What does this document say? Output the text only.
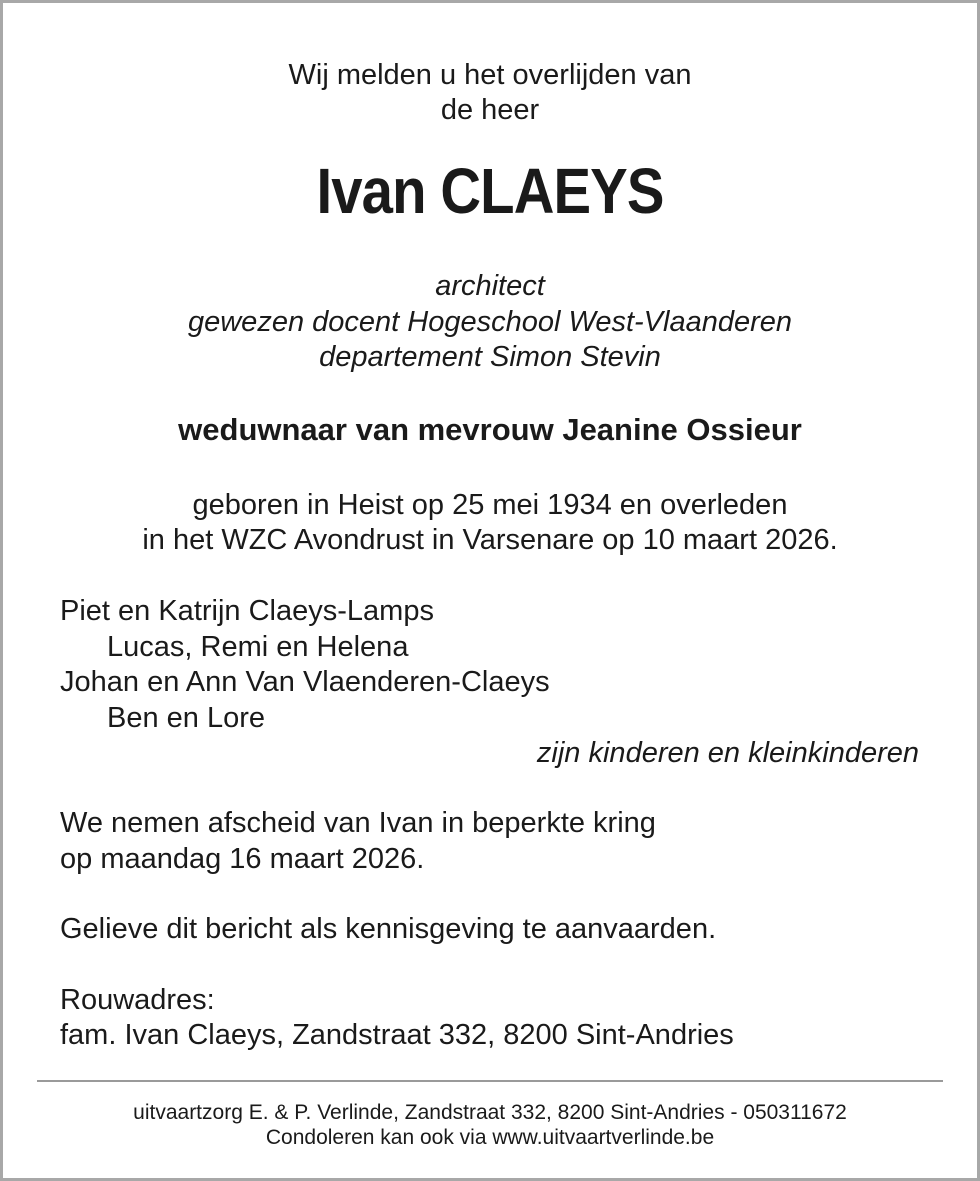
Wij melden u het overlijden van
de heer
Ivan CLAEYS
architect
gewezen docent Hogeschool West-Vlaanderen
departement Simon Stevin
weduwnaar van mevrouw Jeanine Ossieur
geboren in Heist op 25 mei 1934 en overleden
in het WZC Avondrust in Varsenare op 10 maart 2026.
Piet en Katrijn Claeys-Lamps
Lucas, Remi en Helena
Johan en Ann Van Vlaenderen-Claeys
Ben en Lore
zijn kinderen en kleinkinderen
We nemen afscheid van Ivan in beperkte kring
op maandag 16 maart 2026.
Gelieve dit bericht als kennisgeving te aanvaarden.
Rouwadres:
fam. Ivan Claeys, Zandstraat 332, 8200 Sint-Andries
uitvaartzorg E. & P. Verlinde, Zandstraat 332, 8200 Sint-Andries - 050311672
Condoleren kan ook via www.uitvaartverlinde.be
